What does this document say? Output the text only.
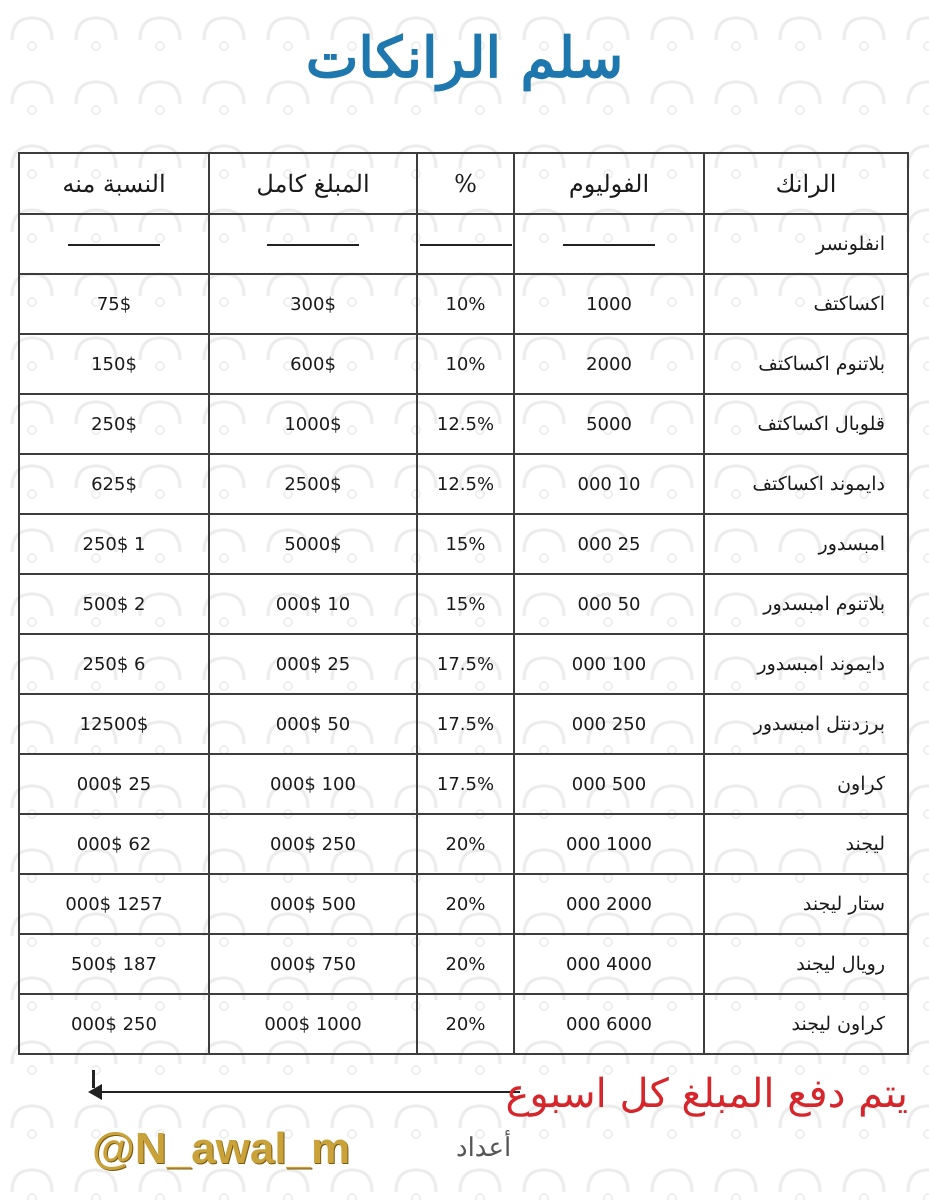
سلم الرانكات
الرانك	الفوليوم	%	المبلغ كامل	النسبة منه
انفلونسر				
اكساكتف	1000	10%	300$	75$
بلاتنوم اكساكتف	2000	10%	600$	150$
قلوبال اكساكتف	5000	12.5%	1000$	250$
دايموند اكساكتف	10 000	12.5%	2500$	625$
امبسدور	25 000	15%	5000$	1 250$
بلاتنوم امبسدور	50 000	15%	10 000$	2 500$
دايموند امبسدور	100 000	17.5%	25 000$	6 250$
برزدنتل امبسدور	250 000	17.5%	50 000$	12500$
كراون	500 000	17.5%	100 000$	25 000$
ليجند	1000 000	20%	250 000$	62 000$
ستار ليجند	2000 000	20%	500 000$	1257 000$
رويال ليجند	4000 000	20%	750 000$	187 500$
كراون ليجند	6000 000	20%	1000 000$	250 000$
يتم دفع المبلغ كل اسبوع
@N_awal_m	أعداد
